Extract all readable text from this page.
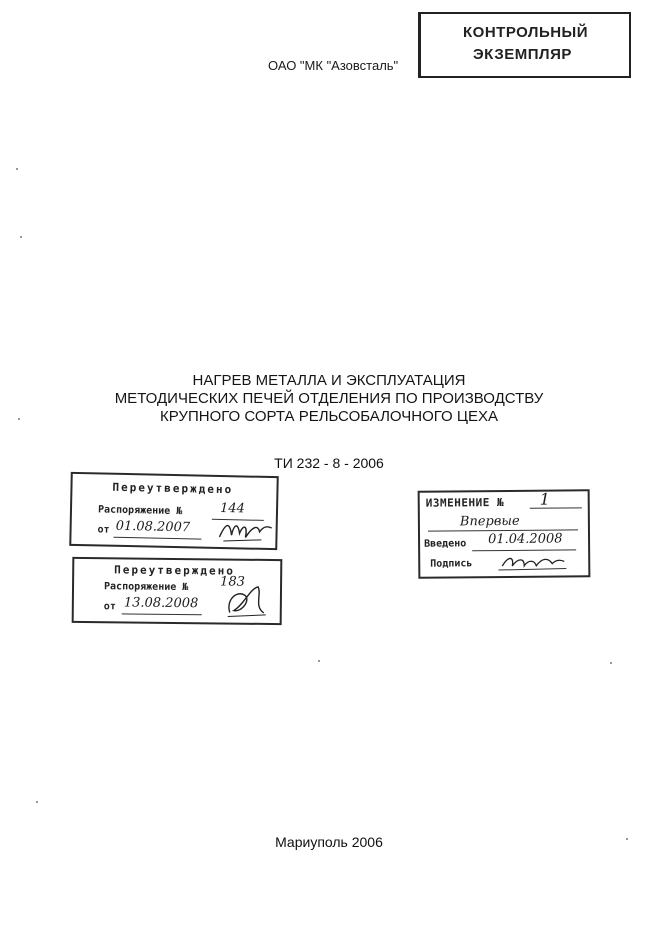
ОАО "МК "Азовсталь"
КОНТРОЛЬНЫЙ
ЭКЗЕМПЛЯР
НАГРЕВ МЕТАЛЛА И ЭКСПЛУАТАЦИЯ
МЕТОДИЧЕСКИХ ПЕЧЕЙ ОТДЕЛЕНИЯ ПО ПРОИЗВОДСТВУ
КРУПНОГО СОРТА РЕЛЬСОБАЛОЧНОГО ЦЕХА
ТИ 232 - 8 - 2006
Переутверждено
Распоряжение №	144
от 01.08.2007
Переутверждено
Распоряжение № 183
от 13.08.2008
ИЗМЕНЕНИЕ № 1
Впервые
Введено 01.04.2008
Подпись
Мариуполь 2006
